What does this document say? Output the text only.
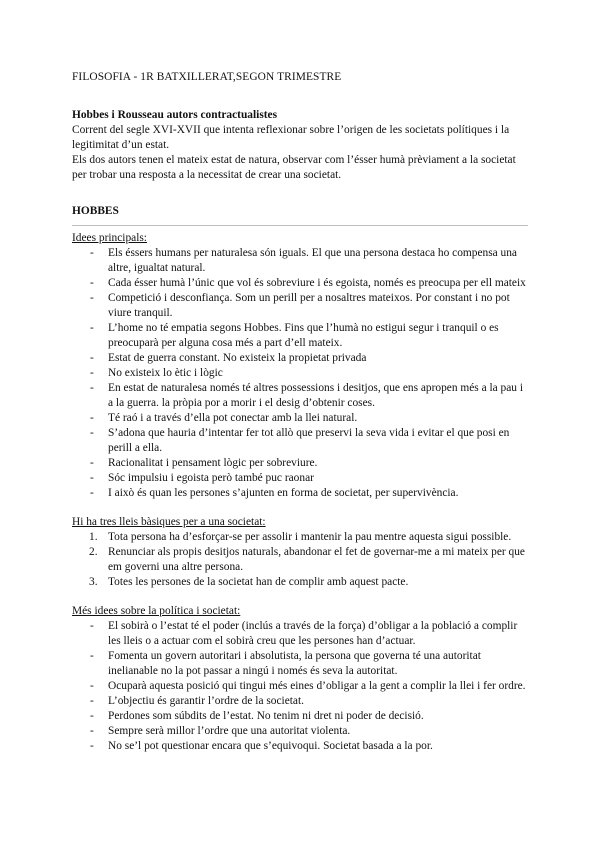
FILOSOFIA - 1R BATXILLERAT,SEGON TRIMESTRE

Hobbes i Rousseau autors contractualistes

Corrent del segle XVI-XVII que intenta reflexionar sobre l’origen de les societats polítiques i la legitimitat d’un estat.

Els dos autors tenen el mateix estat de natura, observar com l’ésser humà prèviament a la societat per trobar una resposta a la necessitat de crear una societat.

HOBBES

Idees principals:

- Els éssers humans per naturalesa són iguals. El que una persona destaca ho compensa una altre, igualtat natural.
- Cada ésser humà l’únic que vol és sobreviure i és egoista, només es preocupa per ell mateix
- Competició i desconfiança. Som un perill per a nosaltres mateixos. Por constant i no pot viure tranquil.
- L’home no té empatia segons Hobbes. Fins que l’humà no estigui segur i tranquil o es preocuparà per alguna cosa més a part d’ell mateix.
- Estat de guerra constant. No existeix la propietat privada
- No existeix lo ètic i lògic
- En estat de naturalesa només té altres possessions i desitjos, que ens apropen més a la pau i a la guerra. la pròpia por a morir i el desig d’obtenir coses.
- Té raó i a través d’ella pot conectar amb la llei natural.
- S’adona que hauria d’intentar fer tot allò que preservi la seva vida i evitar el que posi en perill a ella.
- Racionalitat i pensament lògic per sobreviure.
- Sóc impulsiu i egoista però també puc raonar
- I això és quan les persones s’ajunten en forma de societat, per supervivència.

Hi ha tres lleis bàsiques per a una societat:

1. Tota persona ha d’esforçar-se per assolir i mantenir la pau mentre aquesta sigui possible.
2. Renunciar als propis desitjos naturals, abandonar el fet de governar-me a mi mateix per que em governi una altre persona.
3. Totes les persones de la societat han de complir amb aquest pacte.

Més idees sobre la política i societat:

- El sobirà o l’estat té el poder (inclús a través de la força) d’obligar a la població a complir les lleis o a actuar com el sobirà creu que les persones han d’actuar.
- Fomenta un govern autoritari i absolutista, la persona que governa té una autoritat inelianable no la pot passar a ningú i només és seva la autoritat.
- Ocuparà aquesta posició qui tingui més eines d’obligar a la gent a complir la llei i fer ordre.
- L’objectiu és garantir l’ordre de la societat.
- Perdones som súbdits de l’estat. No tenim ni dret ni poder de decisió.
- Sempre serà millor l’ordre que una autoritat violenta.
- No se’l pot questionar encara que s’equivoqui. Societat basada a la por.
